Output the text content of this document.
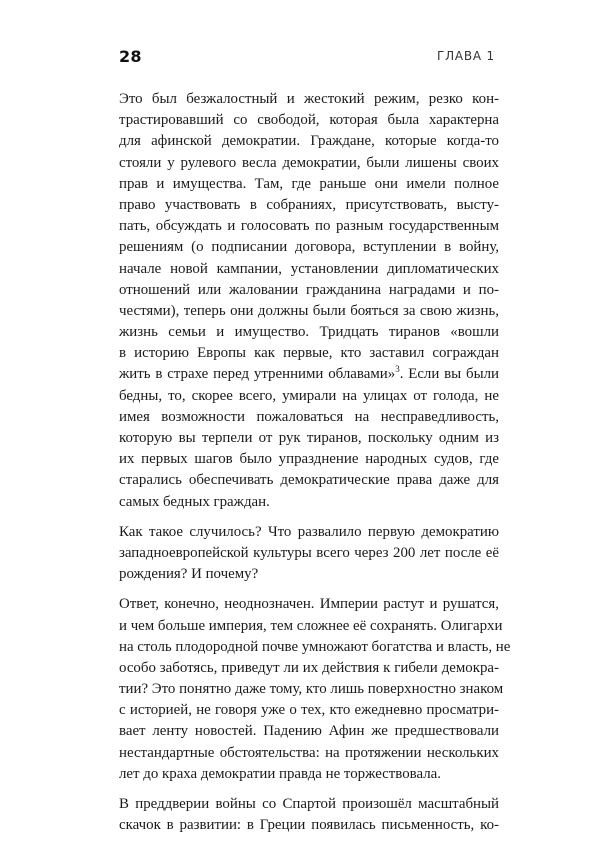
28	ГЛАВА 1
Это был безжалостный и жестокий режим, резко кон-
трастировавший со свободой, которая была характерна
для афинской демократии. Граждане, которые когда-то
стояли у рулевого весла демократии, были лишены своих
прав и имущества. Там, где раньше они имели полное
право участвовать в собраниях, присутствовать, высту-
пать, обсуждать и голосовать по разным государственным
решениям (о подписании договора, вступлении в войну,
начале новой кампании, установлении дипломатических
отношений или жаловании гражданина наградами и по-
честями), теперь они должны были бояться за свою жизнь,
жизнь семьи и имущество. Тридцать тиранов «вошли
в историю Европы как первые, кто заставил сограждан
жить в страхе перед утренними облавами»$^3$. Если вы были
бедны, то, скорее всего, умирали на улицах от голода, не
имея возможности пожаловаться на несправедливость,
которую вы терпели от рук тиранов, поскольку одним из
их первых шагов было упразднение народных судов, где
старались обеспечивать демократические права даже для
самых бедных граждан.
Как такое случилось? Что развалило первую демократию
западноевропейской культуры всего через 200 лет после её
рождения? И почему?
Ответ, конечно, неоднозначен. Империи растут и рушатся,
и чем больше империя, тем сложнее её сохранять. Олигархи
на столь плодородной почве умножают богатства и власть, не
особо заботясь, приведут ли их действия к гибели демокра-
тии? Это понятно даже тому, кто лишь поверхностно знаком
с историей, не говоря уже о тех, кто ежедневно просматри-
вает ленту новостей. Падению Афин же предшествовали
нестандартные обстоятельства: на протяжении нескольких
лет до краха демократии правда не торжествовала.
В преддверии войны со Спартой произошёл масштабный
скачок в развитии: в Греции появилась письменность, ко-
